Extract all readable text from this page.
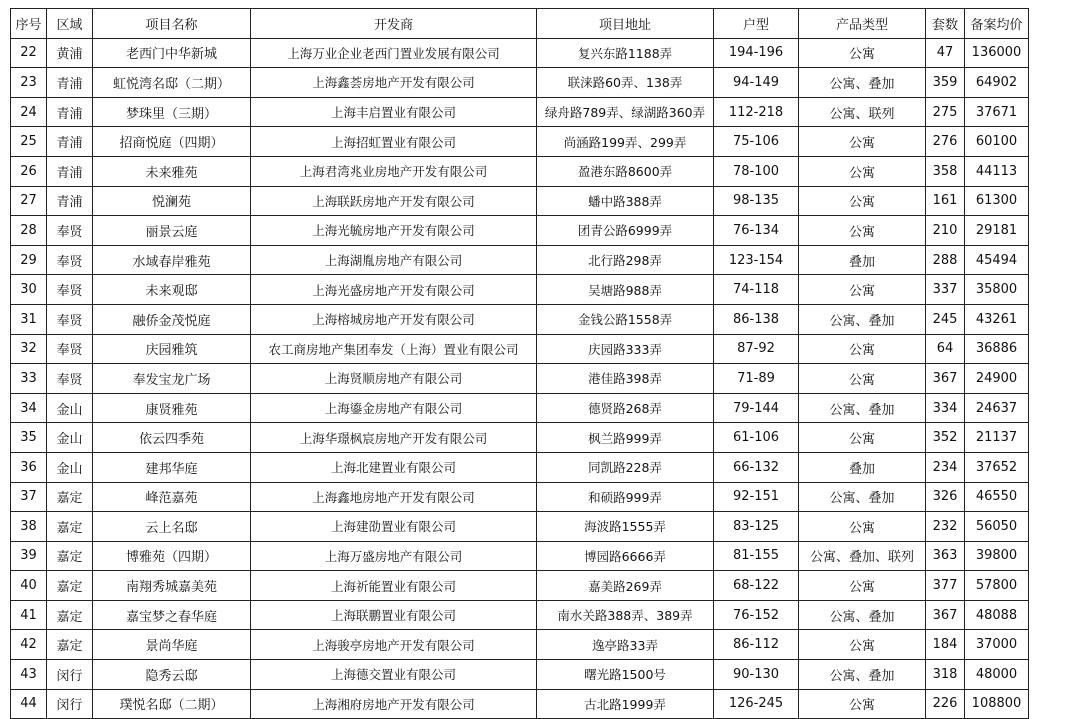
序号	区域	项目名称	开发商	项目地址	户型	产品类型	套数	备案均价
22	黄浦	老西门中华新城	上海万业企业老西门置业发展有限公司	复兴东路1188弄	194-196	公寓	47	136000
23	青浦	虹悦湾名邸（二期）	上海鑫荟房地产开发有限公司	联涞路60弄、138弄	94-149	公寓、叠加	359	64902
24	青浦	梦珠里（三期）	上海丰启置业有限公司	绿舟路789弄、绿湖路360弄	112-218	公寓、联列	275	37671
25	青浦	招商悦庭（四期）	上海招虹置业有限公司	尚涵路199弄、299弄	75-106	公寓	276	60100
26	青浦	未来雅苑	上海君湾兆业房地产开发有限公司	盈港东路8600弄	78-100	公寓	358	44113
27	青浦	悦澜苑	上海联跃房地产开发有限公司	蟠中路388弄	98-135	公寓	161	61300
28	奉贤	丽景云庭	上海光毓房地产开发有限公司	团青公路6999弄	76-134	公寓	210	29181
29	奉贤	水域春岸雅苑	上海湖胤房地产有限公司	北行路298弄	123-154	叠加	288	45494
30	奉贤	未来观邸	上海光盛房地产开发有限公司	吴塘路988弄	74-118	公寓	337	35800
31	奉贤	融侨金茂悦庭	上海榕城房地产开发有限公司	金钱公路1558弄	86-138	公寓、叠加	245	43261
32	奉贤	庆园雅筑	农工商房地产集团奉发（上海）置业有限公司	庆园路333弄	87-92	公寓	64	36886
33	奉贤	奉发宝龙广场	上海贤顺房地产有限公司	港佳路398弄	71-89	公寓	367	24900
34	金山	康贤雅苑	上海鎏金房地产有限公司	德贤路268弄	79-144	公寓、叠加	334	24637
35	金山	依云四季苑	上海华璟枫宸房地产开发有限公司	枫兰路999弄	61-106	公寓	352	21137
36	金山	建邦华庭	上海北建置业有限公司	同凯路228弄	66-132	叠加	234	37652
37	嘉定	峰范嘉苑	上海鑫地房地产开发有限公司	和硕路999弄	92-151	公寓、叠加	326	46550
38	嘉定	云上名邸	上海建劭置业有限公司	海波路1555弄	83-125	公寓	232	56050
39	嘉定	博雅苑（四期）	上海万盛房地产有限公司	博园路6666弄	81-155	公寓、叠加、联列	363	39800
40	嘉定	南翔秀城嘉美苑	上海祈能置业有限公司	嘉美路269弄	68-122	公寓	377	57800
41	嘉定	嘉宝梦之春华庭	上海联鹏置业有限公司	南水关路388弄、389弄	76-152	公寓、叠加	367	48088
42	嘉定	景尚华庭	上海骏亭房地产开发有限公司	逸亭路33弄	86-112	公寓	184	37000
43	闵行	隐秀云邸	上海德交置业有限公司	曙光路1500号	90-130	公寓、叠加	318	48000
44	闵行	璞悦名邸（二期）	上海湘府房地产开发有限公司	古北路1999弄	126-245	公寓	226	108800
